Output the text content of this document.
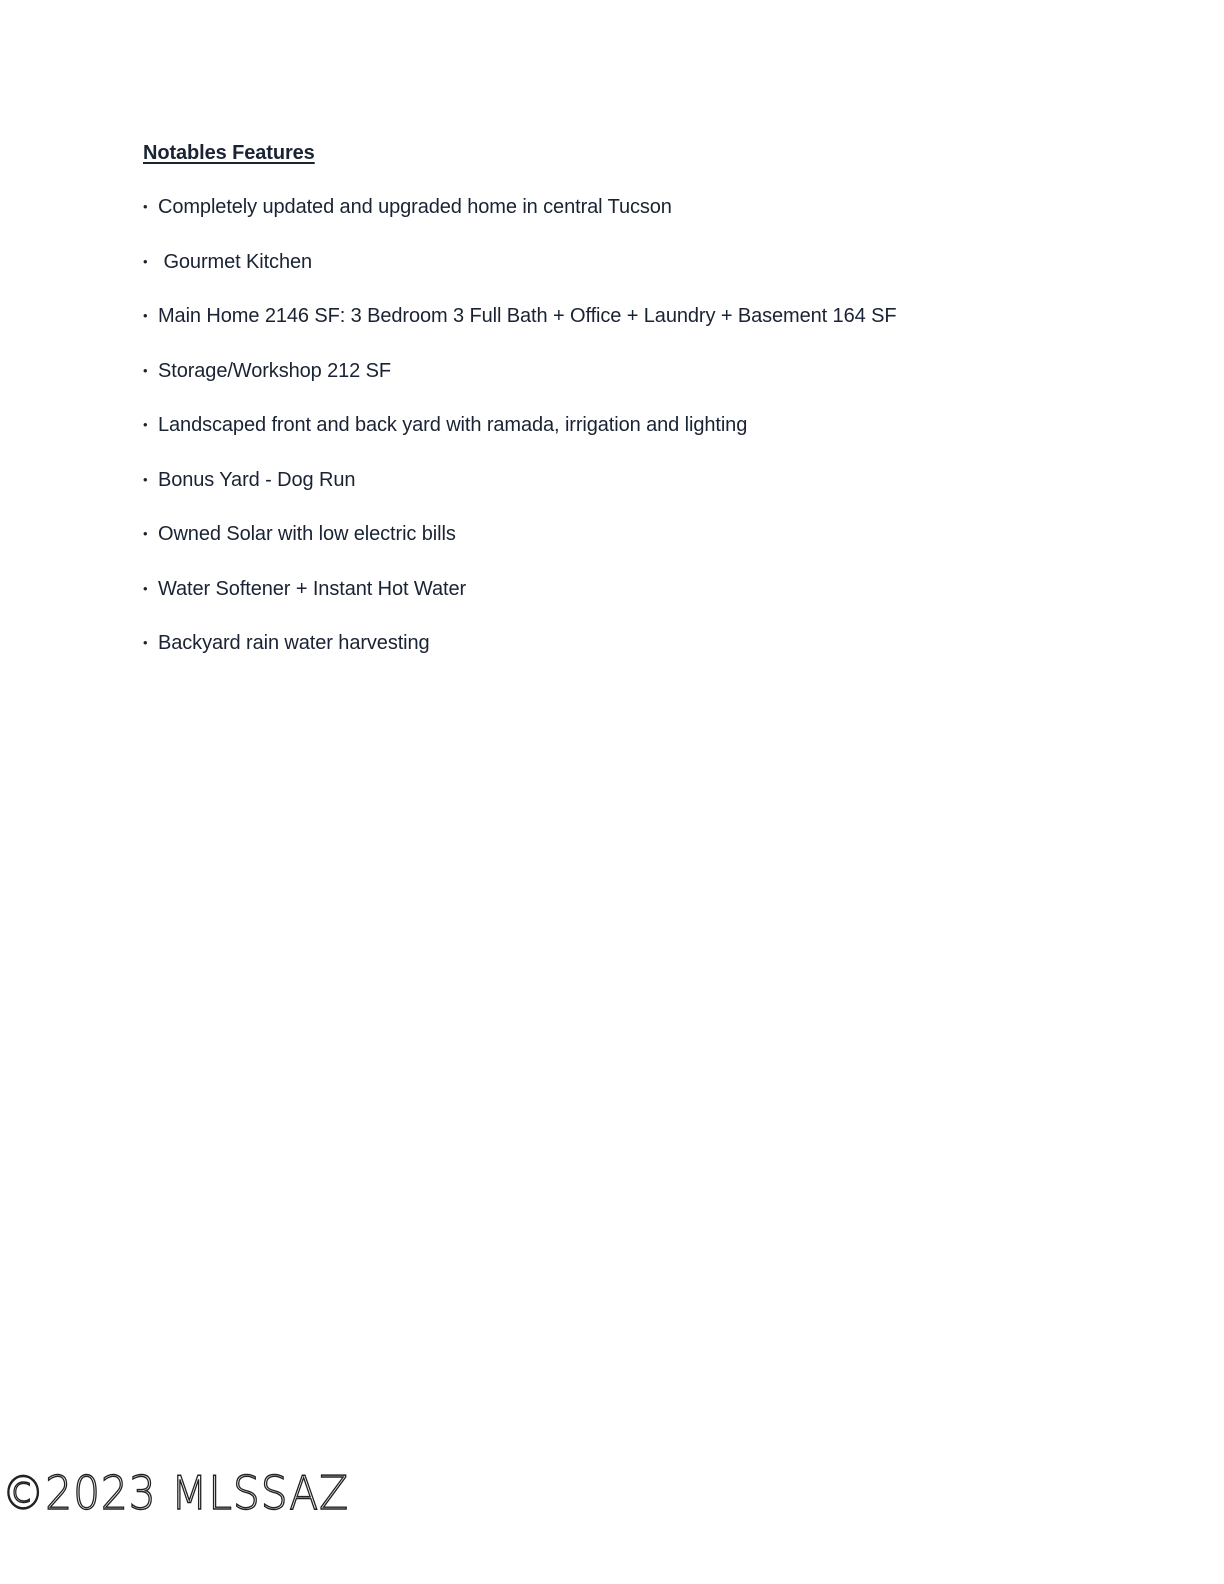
Notables Features
• Completely updated and upgraded home in central Tucson
• Gourmet Kitchen
• Main Home 2146 SF: 3 Bedroom 3 Full Bath + Office + Laundry + Basement 164 SF
• Storage/Workshop 212 SF
• Landscaped front and back yard with ramada, irrigation and lighting
• Bonus Yard - Dog Run
• Owned Solar with low electric bills
• Water Softener + Instant Hot Water
• Backyard rain water harvesting
©2023 MLSSAZ
